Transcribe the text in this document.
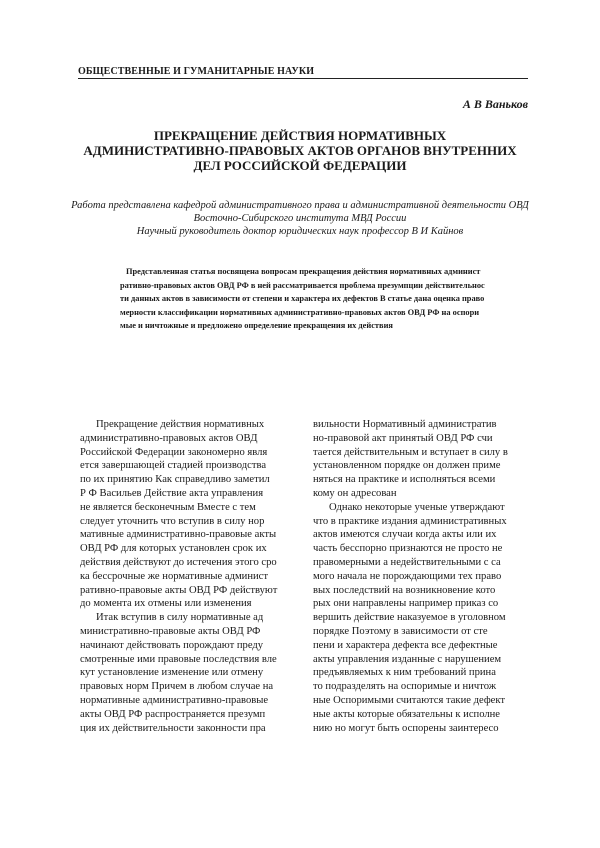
ОБЩЕСТВЕННЫЕ И ГУМАНИТАРНЫЕ НАУКИ
А В Ваньков
ПРЕКРАЩЕНИЕ ДЕЙСТВИЯ НОРМАТИВНЫХ
АДМИНИСТРАТИВНО-ПРАВОВЫХ АКТОВ ОРГАНОВ ВНУТРЕННИХ
ДЕЛ РОССИЙСКОЙ ФЕДЕРАЦИИ
Работа представлена кафедрой административного права и административной деятельности ОВД
Восточно-Сибирского института МВД России
Научный руководитель доктор юридических наук профессор В И Кайнов
Представленная статья посвящена вопросам прекращения действия нормативных админист
ративно-правовых актов ОВД РФ в ней рассматривается проблема презумпции действительнос
ти данных актов в зависимости от степени и характера их дефектов В статье дана оценка право
мерности классификации нормативных административно-правовых актов ОВД РФ на оспори
мые и ничтожные и предложено определение прекращения их действия
Прекращение действия нормативных
административно-правовых актов ОВД
Российской Федерации закономерно явля
ется завершающей стадией производства
по их принятию Как справедливо заметил
Р Ф Васильев Действие акта управления
не является бесконечным Вместе с тем
следует уточнить что вступив в силу нор
мативные административно-правовые акты
ОВД РФ для которых установлен срок их
действия действуют до истечения этого сро
ка бессрочные же нормативные админист
ративно-правовые акты ОВД РФ действуют
до момента их отмены или изменения
Итак вступив в силу нормативные ад
министративно-правовые акты ОВД РФ
начинают действовать порождают преду
смотренные ими правовые последствия вле
кут установление изменение или отмену
правовых норм Причем в любом случае на
нормативные административно-правовые
акты ОВД РФ распространяется презумп
ция их действительности законности пра
вильности Нормативный административ
но-правовой акт принятый ОВД РФ счи
тается действительным и вступает в силу в
установленном порядке он должен приме
няться на практике и исполняться всеми
кому он адресован
Однако некоторые ученые утверждают
что в практике издания административных
актов имеются случаи когда акты или их
часть бесспорно признаются не просто не
правомерными а недействительными с са
мого начала не порождающими тех право
вых последствий на возникновение кото
рых они направлены например приказ со
вершить действие наказуемое в уголовном
порядке Поэтому в зависимости от сте
пени и характера дефекта все дефектные
акты управления изданные с нарушением
предъявляемых к ним требований прина
то подразделять на оспоримые и ничтож
ные Оспоримыми считаются такие дефект
ные акты которые обязательны к исполне
нию но могут быть оспорены заинтересо
